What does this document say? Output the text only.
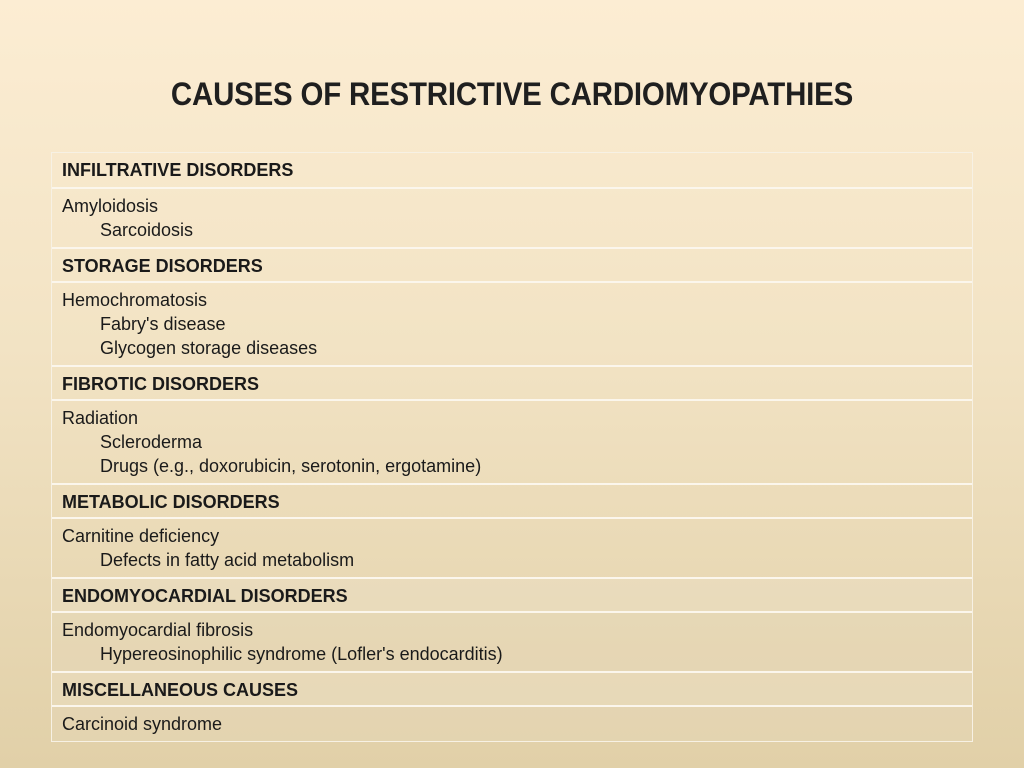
CAUSES OF RESTRICTIVE CARDIOMYOPATHIES
INFILTRATIVE DISORDERS
Amyloidosis
Sarcoidosis
STORAGE DISORDERS
Hemochromatosis
Fabry's disease
Glycogen storage diseases
FIBROTIC DISORDERS
Radiation
Scleroderma
Drugs (e.g., doxorubicin, serotonin, ergotamine)
METABOLIC DISORDERS
Carnitine deficiency
Defects in fatty acid metabolism
ENDOMYOCARDIAL DISORDERS
Endomyocardial fibrosis
Hypereosinophilic syndrome (Lofler's endocarditis)
MISCELLANEOUS CAUSES
Carcinoid syndrome
